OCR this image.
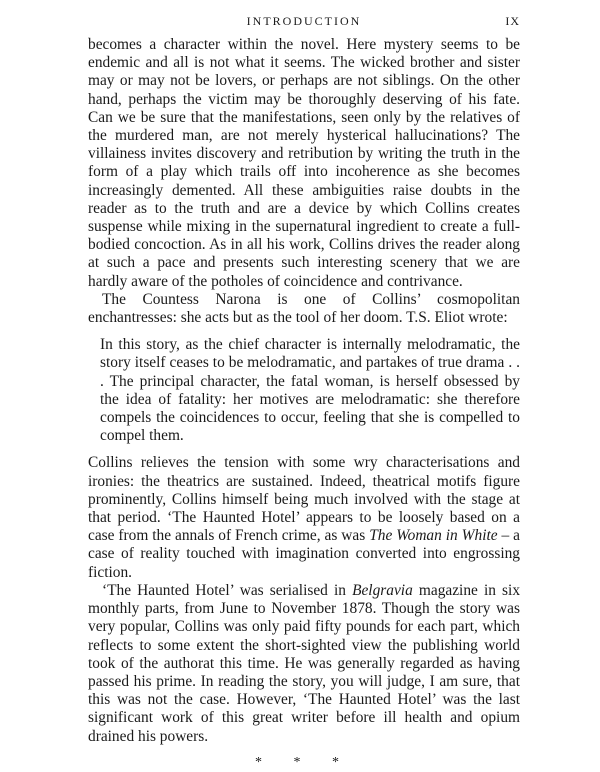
INTRODUCTION	IX

becomes a character within the novel. Here mystery seems to be endemic and all is not what it seems. The wicked brother and sister may or may not be lovers, or perhaps are not siblings. On the other hand, perhaps the victim may be thoroughly deserving of his fate. Can we be sure that the manifestations, seen only by the relatives of the murdered man, are not merely hysterical hallucinations? The villainess invites discovery and retribution by writing the truth in the form of a play which trails off into incoherence as she becomes increasingly demented. All these ambiguities raise doubts in the reader as to the truth and are a device by which Collins creates suspense while mixing in the supernatural ingredient to create a full-bodied concoction. As in all his work, Collins drives the reader along at such a pace and presents such interesting scenery that we are hardly aware of the potholes of coincidence and contrivance.

The Countess Narona is one of Collins’ cosmopolitan enchantresses: she acts but as the tool of her doom. T.S. Eliot wrote:

In this story, as the chief character is internally melodramatic, the story itself ceases to be melodramatic, and partakes of true drama . . . The principal character, the fatal woman, is herself obsessed by the idea of fatality: her motives are melodramatic: she therefore compels the coincidences to occur, feeling that she is compelled to compel them.

Collins relieves the tension with some wry characterisations and ironies: the theatrics are sustained. Indeed, theatrical motifs figure prominently, Collins himself being much involved with the stage at that period. ‘The Haunted Hotel’ appears to be loosely based on a case from the annals of French crime, as was The Woman in White – a case of reality touched with imagination converted into engrossing fiction.

‘The Haunted Hotel’ was serialised in Belgravia magazine in six monthly parts, from June to November 1878. Though the story was very popular, Collins was only paid fifty pounds for each part, which reflects to some extent the short-sighted view the publishing world took of the authorat this time. He was generally regarded as having passed his prime. In reading the story, you will judge, I am sure, that this was not the case. However, ‘The Haunted Hotel’ was the last significant work of this great writer before ill health and opium drained his powers.

* * *
